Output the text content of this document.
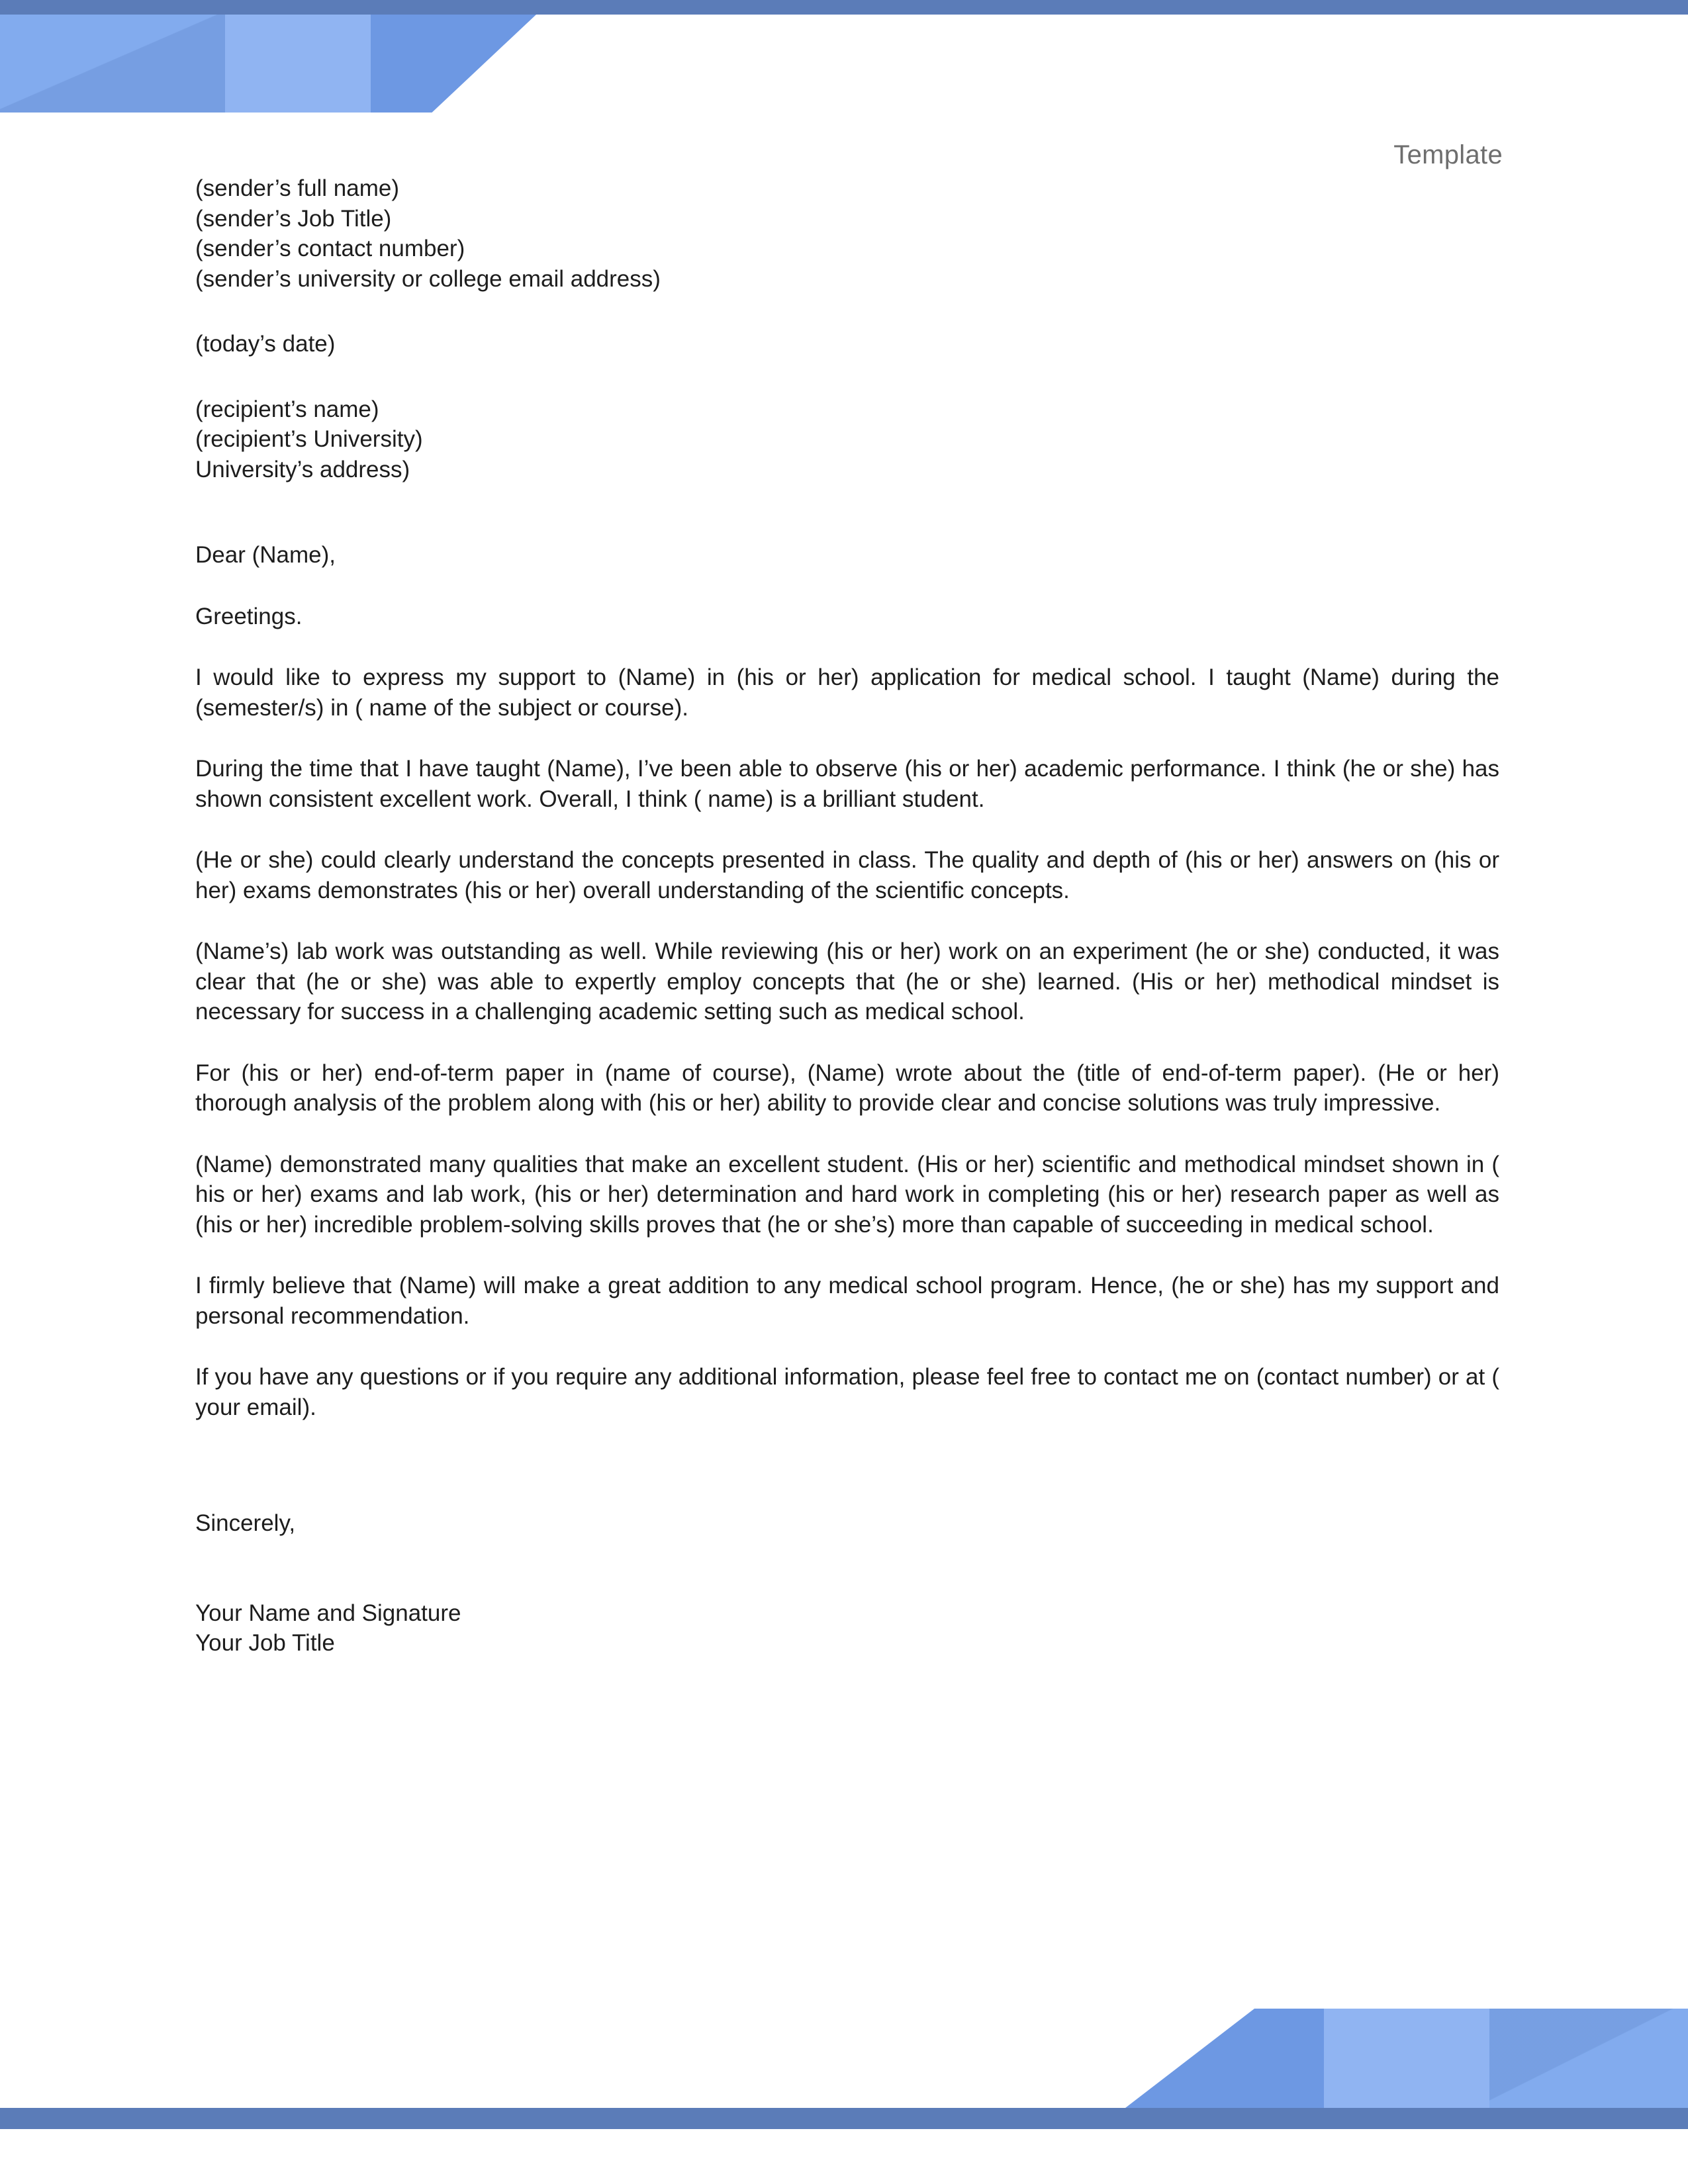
Template
(sender’s full name)
(sender’s Job Title)
(sender’s contact number)
(sender’s university or college email address)
(today’s date)
(recipient’s name)
(recipient’s University)
University’s address)
Dear (Name),
Greetings.

I would like to express my support to (Name) in (his or her) application for medical school. I taught (Name) during the (semester/s) in ( name of the subject or course).

During the time that I have taught (Name), I’ve been able to observe (his or her) academic performance. I think (he or she) has shown consistent excellent work. Overall, I think ( name) is a brilliant student.

(He or she) could clearly understand the concepts presented in class. The quality and depth of (his or her) answers on (his or her) exams demonstrates (his or her) overall understanding of the scientific concepts.

(Name’s) lab work was outstanding as well. While reviewing (his or her) work on an experiment (he or she) conducted, it was clear that (he or she) was able to expertly employ concepts that (he or she) learned. (His or her) methodical mindset is necessary for success in a challenging academic setting such as medical school.

For (his or her) end-of-term paper in (name of course), (Name) wrote about the (title of end-of-term paper). (He or her) thorough analysis of the problem along with (his or her) ability to provide clear and concise solutions was truly impressive.

(Name) demonstrated many qualities that make an excellent student. (His or her) scientific and methodical mindset shown in ( his or her) exams and lab work, (his or her) determination and hard work in completing (his or her) research paper as well as (his or her) incredible problem-solving skills proves that (he or she’s) more than capable of succeeding in medical school.

I firmly believe that (Name) will make a great addition to any medical school program. Hence, (he or she) has my support and personal recommendation.

If you have any questions or if you require any additional information, please feel free to contact me on (contact number) or at ( your email).

Sincerely,
Your Name and Signature
Your Job Title
